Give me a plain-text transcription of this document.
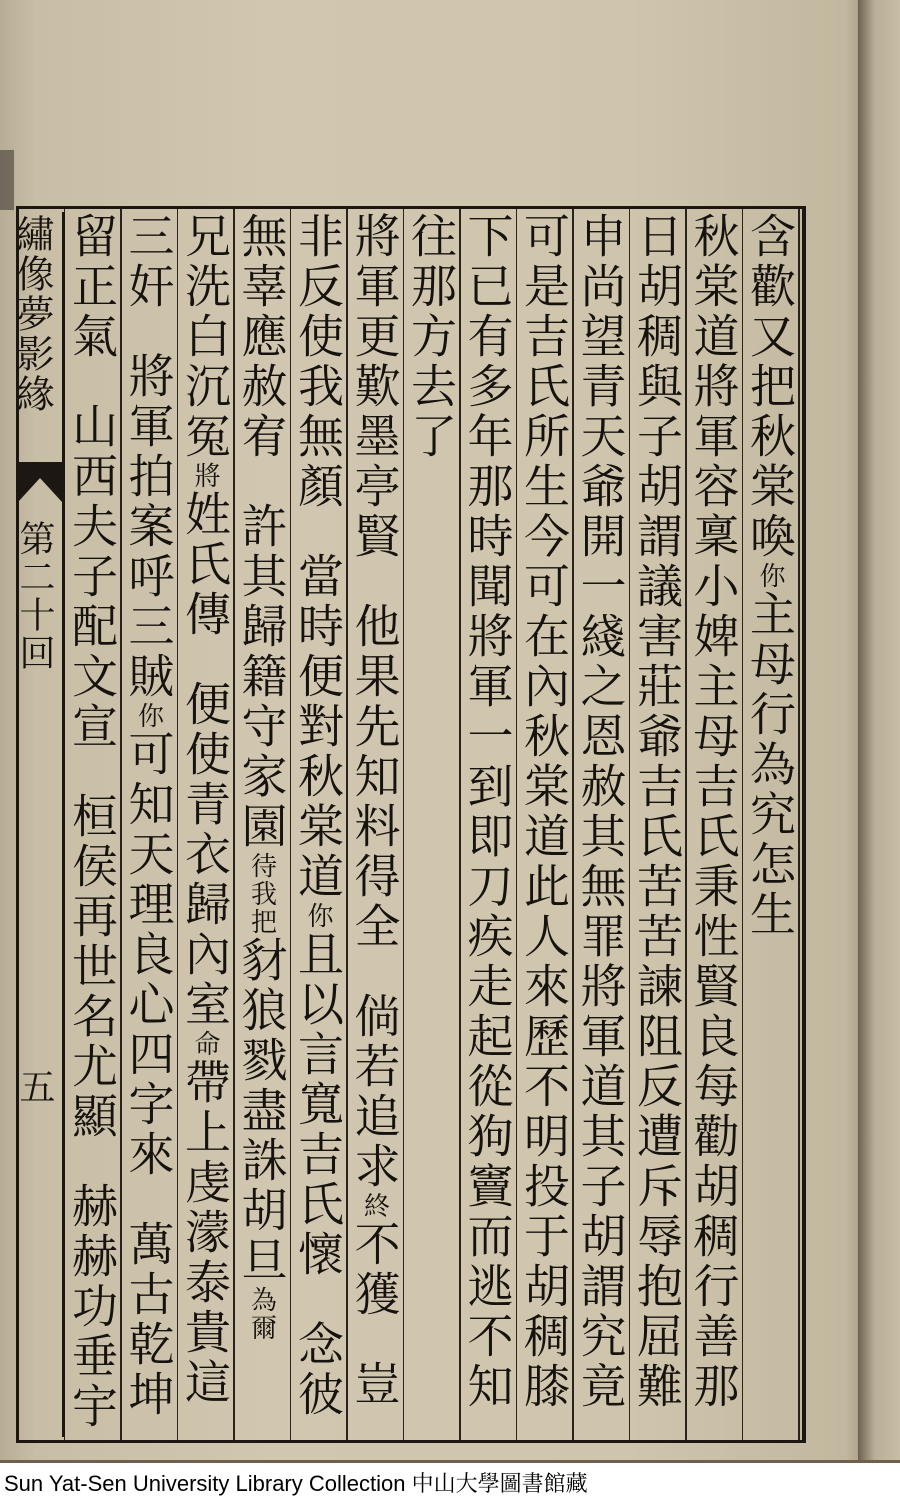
繡像夢影緣
第二十回
五
含歡又把秋棠喚你主母行為究怎生
秋棠道將軍容稟小婢主母吉氏秉性賢良每勸胡稠行善那
日胡稠與子胡謂議害莊爺吉氏苦苦諫阻反遭斥辱抱屈難
申尚望青天爺開一綫之恩赦其無罪將軍道其子胡謂究竟
可是吉氏所生今可在內秋棠道此人來歷不明投于胡稠膝
下已有多年那時聞將軍一到即刀疾走起從狗竇而逃不知
往那方去了
將軍更歎墨亭賢他果先知料得全倘若追求終不獲豈
非反使我無顏當時便對秋棠道你且以言寬吉氏懷念彼
無辜應赦宥許其歸籍守家園待我把豺狼戮盡誅胡旦為爾
兄洗白沉冤將姓氏傳便使青衣歸內室命帶上虔濛泰貴這
三奸將軍拍案呼三賊你可知天理良心四字來萬古乾坤
留正氣山西夫子配文宣桓侯再世名尤顯赫赫功垂宇
Sun Yat-Sen University Library Collection 中山大學圖書館藏
